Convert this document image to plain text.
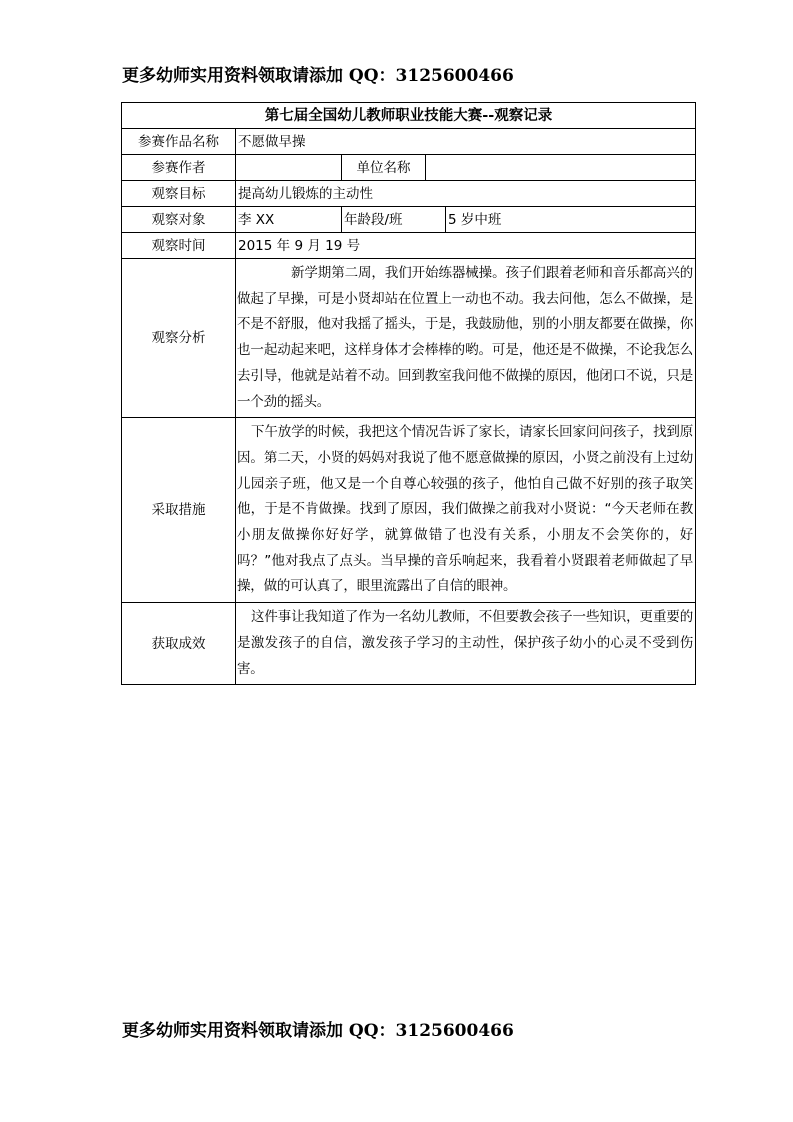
更多幼师实用资料领取请添加 QQ：3125600466
第七届全国幼儿教师职业技能大赛--观察记录				
参赛作品名称	不愿做早操			
参赛作者		单位名称		
观察目标	提高幼儿锻炼的主动性			
观察对象	李 XX	年龄段/班		5 岁中班
观察时间	2015 年 9 月 19 号			
观察分析	新学期第二周，我们开始练器械操。孩子们跟着老师和音乐都高兴的做起了早操，可是小贤却站在位置上一动也不动。我去问他，怎么不做操，是不是不舒服，他对我摇了摇头，于是，我鼓励他，别的小朋友都要在做操，你也一起动起来吧，这样身体才会棒棒的哟。可是，他还是不做操，不论我怎么去引导，他就是站着不动。回到教室我问他不做操的原因，他闭口不说，只是一个劲的摇头。			
采取措施	下午放学的时候，我把这个情况告诉了家长，请家长回家问问孩子，找到原因。第二天，小贤的妈妈对我说了他不愿意做操的原因，小贤之前没有上过幼儿园亲子班，他又是一个自尊心较强的孩子，他怕自己做不好别的孩子取笑他，于是不肯做操。找到了原因，我们做操之前我对小贤说：“今天老师在教小朋友做操你好好学，就算做错了也没有关系，小朋友不会笑你的，好吗？”他对我点了点头。当早操的音乐响起来，我看着小贤跟着老师做起了早操，做的可认真了，眼里流露出了自信的眼神。			
获取成效	这件事让我知道了作为一名幼儿教师，不但要教会孩子一些知识，更重要的是激发孩子的自信，激发孩子学习的主动性，保护孩子幼小的心灵不受到伤害。			
更多幼师实用资料领取请添加 QQ：3125600466
